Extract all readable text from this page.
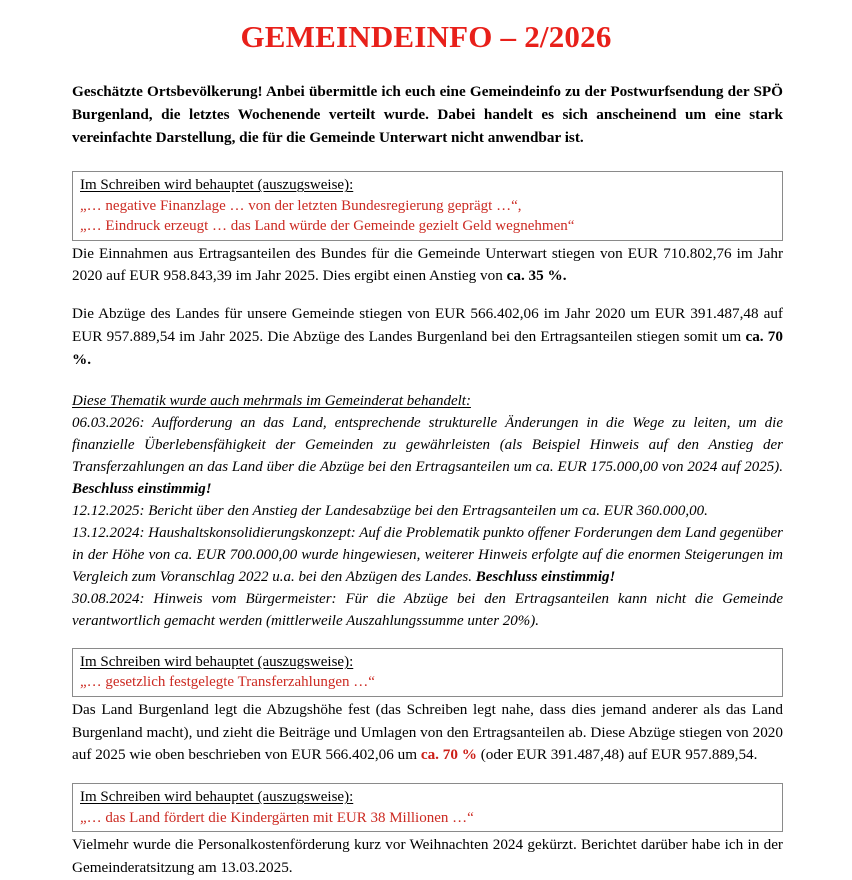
GEMEINDEINFO – 2/2026

Geschätzte Ortsbevölkerung! Anbei übermittle ich euch eine Gemeindeinfo zu der Postwurfsendung der SPÖ Burgenland, die letztes Wochenende verteilt wurde. Dabei handelt es sich anscheinend um eine stark vereinfachte Darstellung, die für die Gemeinde Unterwart nicht anwendbar ist.

Im Schreiben wird behauptet (auszugsweise):
„… negative Finanzlage … von der letzten Bundesregierung geprägt …“,
„… Eindruck erzeugt … das Land würde der Gemeinde gezielt Geld wegnehmen“

Die Einnahmen aus Ertragsanteilen des Bundes für die Gemeinde Unterwart stiegen von EUR 710.802,76 im Jahr 2020 auf EUR 958.843,39 im Jahr 2025. Dies ergibt einen Anstieg von ca. 35 %.

Die Abzüge des Landes für unsere Gemeinde stiegen von EUR 566.402,06 im Jahr 2020 um EUR 391.487,48 auf EUR 957.889,54 im Jahr 2025. Die Abzüge des Landes Burgenland bei den Ertragsanteilen stiegen somit um ca. 70 %.

Diese Thematik wurde auch mehrmals im Gemeinderat behandelt:

06.03.2026: Aufforderung an das Land, entsprechende strukturelle Änderungen in die Wege zu leiten, um die finanzielle Überlebensfähigkeit der Gemeinden zu gewährleisten (als Beispiel Hinweis auf den Anstieg der Transferzahlungen an das Land über die Abzüge bei den Ertragsanteilen um ca. EUR 175.000,00 von 2024 auf 2025). Beschluss einstimmig!

12.12.2025: Bericht über den Anstieg der Landesabzüge bei den Ertragsanteilen um ca. EUR 360.000,00.

13.12.2024: Haushaltskonsolidierungskonzept: Auf die Problematik punkto offener Forderungen dem Land gegenüber in der Höhe von ca. EUR 700.000,00 wurde hingewiesen, weiterer Hinweis erfolgte auf die enormen Steigerungen im Vergleich zum Voranschlag 2022 u.a. bei den Abzügen des Landes. Beschluss einstimmig!

30.08.2024: Hinweis vom Bürgermeister: Für die Abzüge bei den Ertragsanteilen kann nicht die Gemeinde verantwortlich gemacht werden (mittlerweile Auszahlungssumme unter 20%).

Im Schreiben wird behauptet (auszugsweise):
„… gesetzlich festgelegte Transferzahlungen …“

Das Land Burgenland legt die Abzugshöhe fest (das Schreiben legt nahe, dass dies jemand anderer als das Land Burgenland macht), und zieht die Beiträge und Umlagen von den Ertragsanteilen ab. Diese Abzüge stiegen von 2020 auf 2025 wie oben beschrieben von EUR 566.402,06 um ca. 70 % (oder EUR 391.487,48) auf EUR 957.889,54.

Im Schreiben wird behauptet (auszugsweise):
„… das Land fördert die Kindergärten mit EUR 38 Millionen …“

Vielmehr wurde die Personalkostenförderung kurz vor Weihnachten 2024 gekürzt. Berichtet darüber habe ich in der Gemeinderatsitzung am 13.03.2025.
